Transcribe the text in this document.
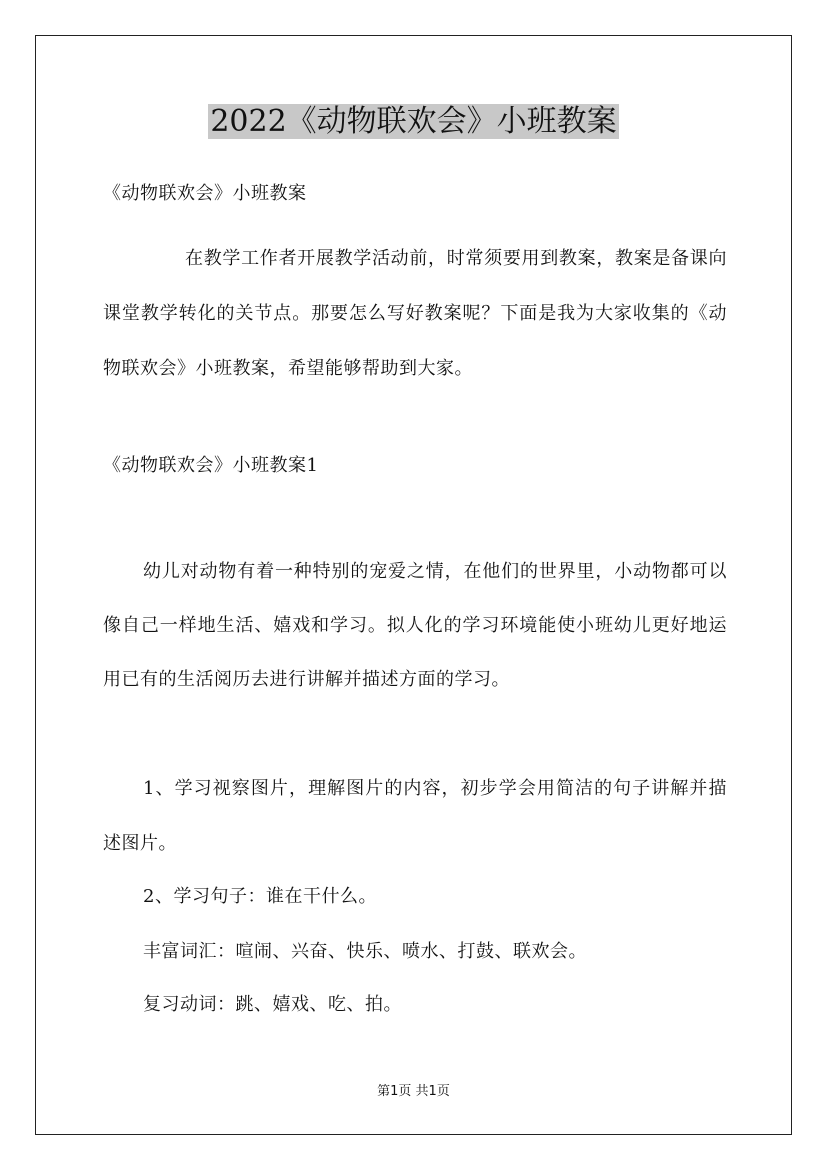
2022《动物联欢会》小班教案

《动物联欢会》小班教案

在教学工作者开展教学活动前，时常须要用到教案，教案是备课向课堂教学转化的关节点。那要怎么写好教案呢？下面是我为大家收集的《动物联欢会》小班教案，希望能够帮助到大家。

《动物联欢会》小班教案1

幼儿对动物有着一种特别的宠爱之情，在他们的世界里，小动物都可以像自己一样地生活、嬉戏和学习。拟人化的学习环境能使小班幼儿更好地运用已有的生活阅历去进行讲解并描述方面的学习。

1、学习视察图片，理解图片的内容，初步学会用简洁的句子讲解并描述图片。

2、学习句子：谁在干什么。

丰富词汇：喧闹、兴奋、快乐、喷水、打鼓、联欢会。

复习动词：跳、嬉戏、吃、拍。

第1页 共1页
